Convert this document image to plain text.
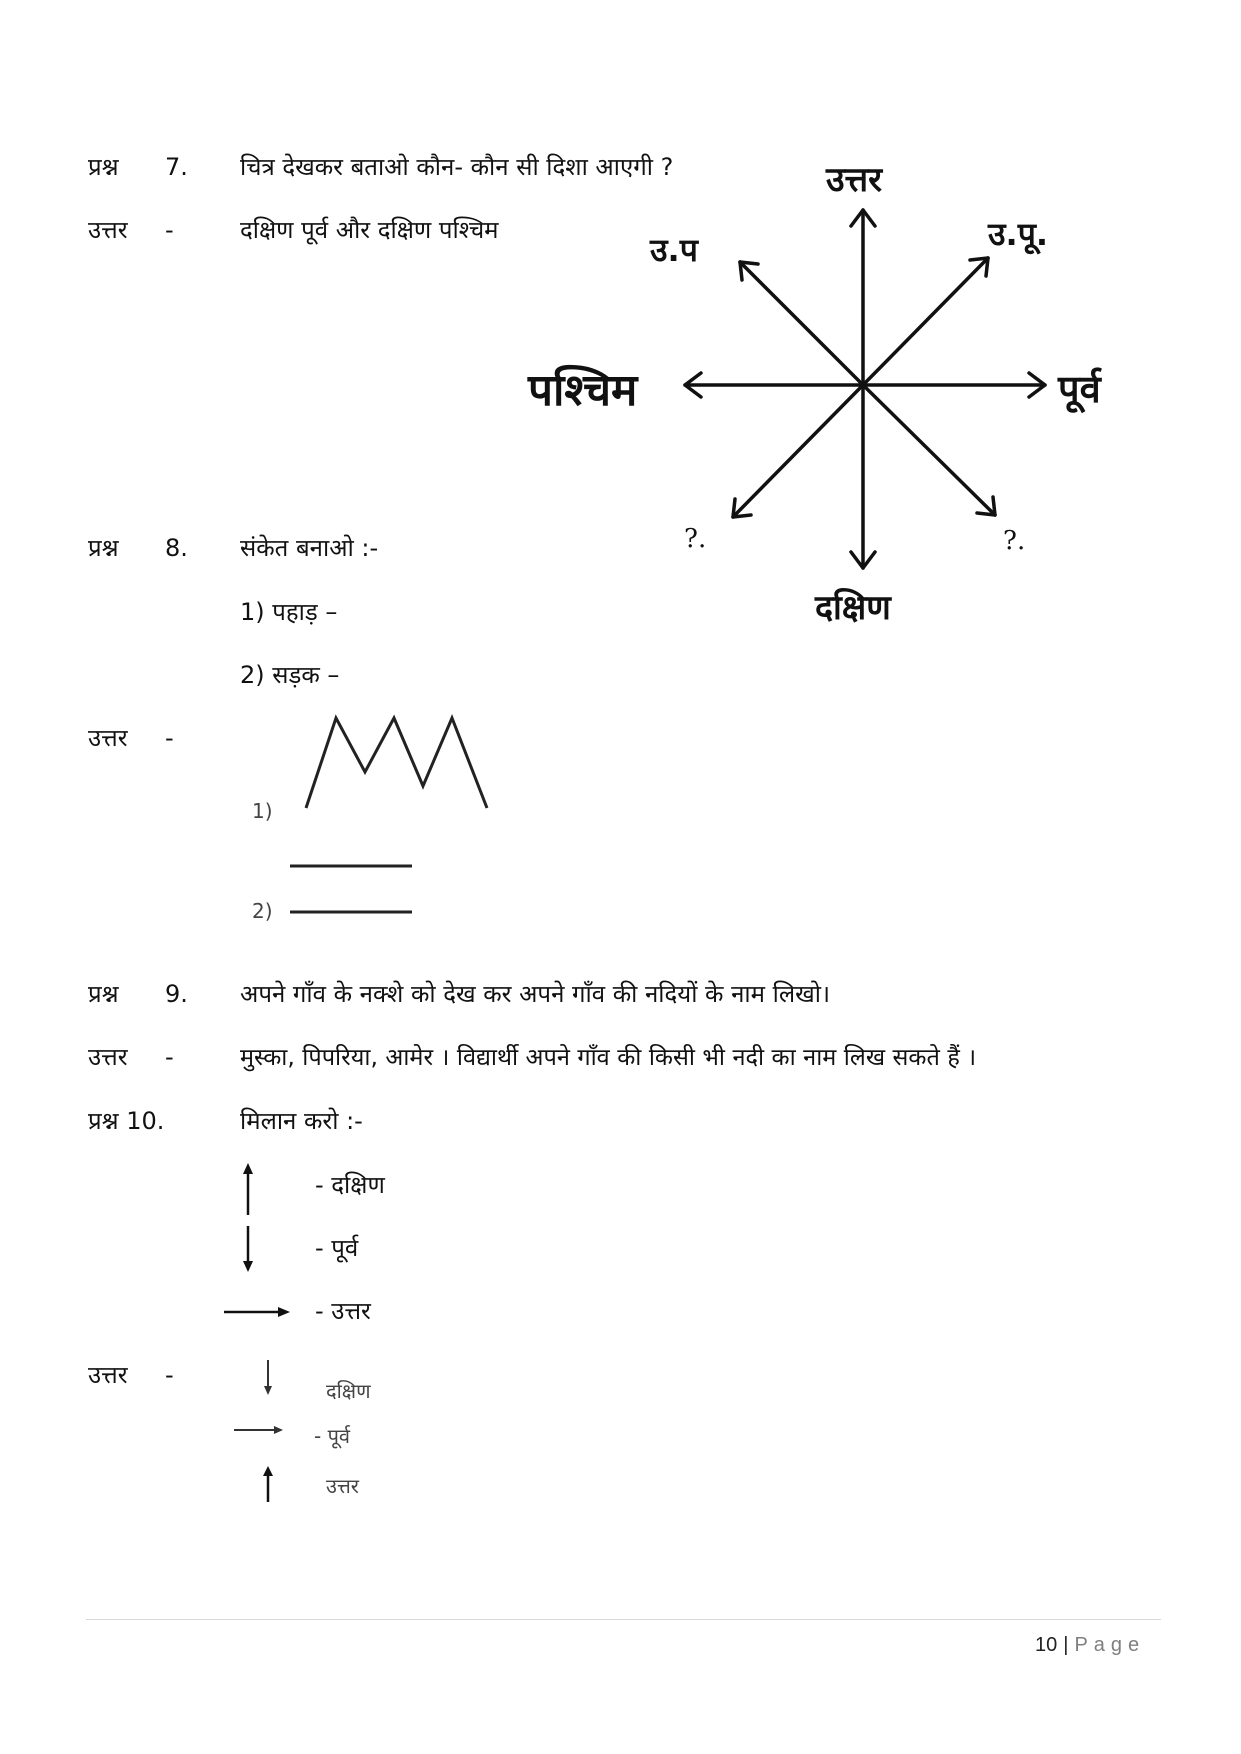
प्रश्न 7. चित्र देखकर बताओ कौन- कौन सी दिशा आएगी ?
उत्तर -	दक्षिण पूर्व और दक्षिण पश्चिम
उत्तर
दक्षिण
पूर्व
पश्चिम
उ.प	उ.पू.
?.	?.
प्रश्न 8. संकेत बनाओ :-
1) पहाड़ –
2) सड़क –
उत्तर -
1)
2)
प्रश्न 9. अपने गाँव के नक्शे को देख कर अपने गाँव की नदियों के नाम लिखो।
उत्तर -	मुस्का, पिपरिया, आमेर । विद्यार्थी अपने गाँव की किसी भी नदी का नाम लिख सकते हैं ।
प्रश्न 10.	मिलान करो :-
- दक्षिण
- पूर्व
- उत्तर
उत्तर -
दक्षिण
- पूर्व
उत्तर
10 | Page
